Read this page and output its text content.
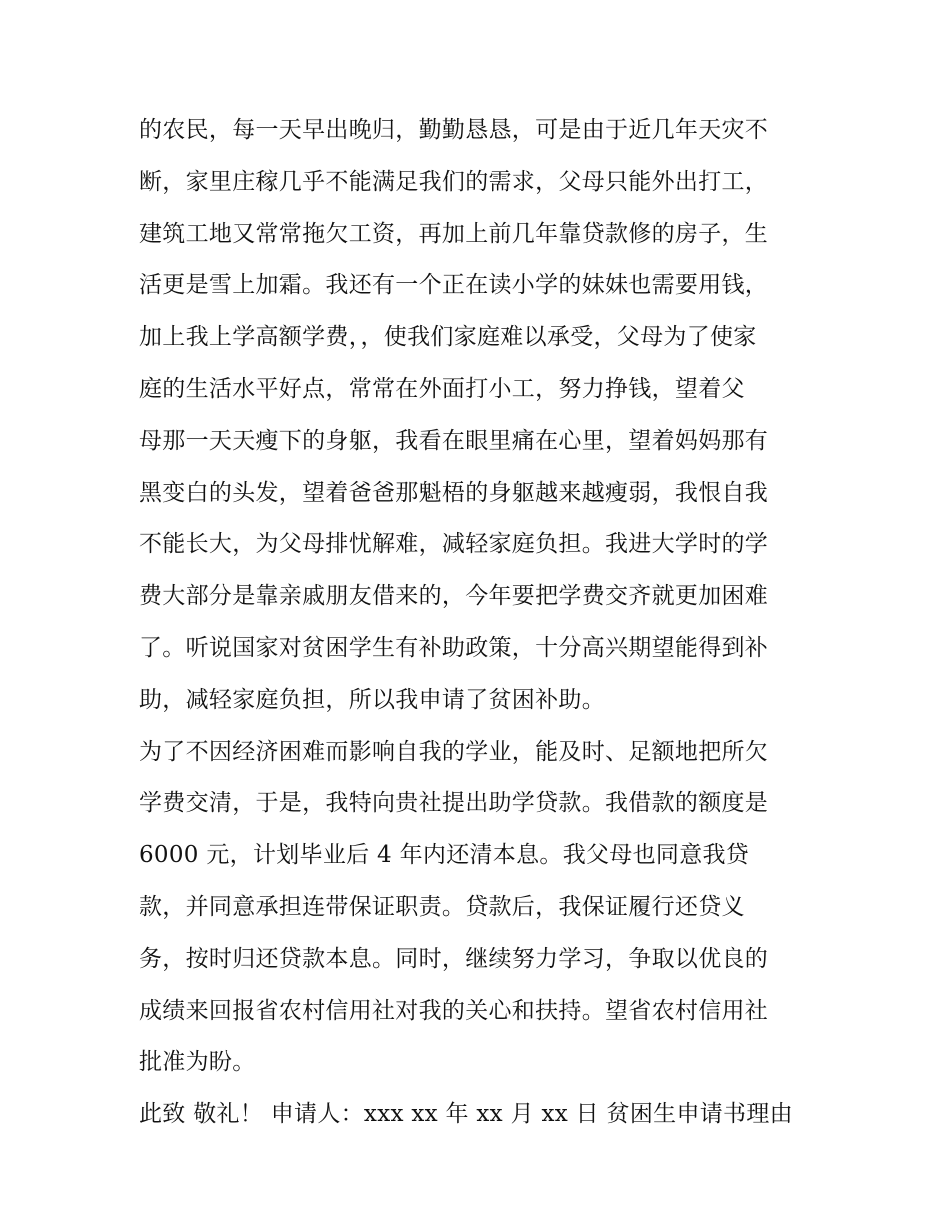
的农民，每一天早出晚归，勤勤恳恳，可是由于近几年天灾不
断，家里庄稼几乎不能满足我们的需求，父母只能外出打工，
建筑工地又常常拖欠工资，再加上前几年靠贷款修的房子，生
活更是雪上加霜。我还有一个正在读小学的妹妹也需要用钱，
加上我上学高额学费，，使我们家庭难以承受，父母为了使家
庭的生活水平好点，常常在外面打小工，努力挣钱，望着父
母那一天天瘦下的身躯，我看在眼里痛在心里，望着妈妈那有
黑变白的头发，望着爸爸那魁梧的身躯越来越瘦弱，我恨自我
不能长大，为父母排忧解难，减轻家庭负担。我进大学时的学
费大部分是靠亲戚朋友借来的，今年要把学费交齐就更加困难
了。听说国家对贫困学生有补助政策，十分高兴期望能得到补
助，减轻家庭负担，所以我申请了贫困补助。
为了不因经济困难而影响自我的学业，能及时、足额地把所欠
学费交清，于是，我特向贵社提出助学贷款。我借款的额度是
6000 元，计划毕业后 4 年内还清本息。我父母也同意我贷
款，并同意承担连带保证职责。贷款后，我保证履行还贷义
务，按时归还贷款本息。同时，继续努力学习，争取以优良的
成绩来回报省农村信用社对我的关心和扶持。望省农村信用社
批准为盼。
此致 敬礼！ 申请人：xxx xx 年 xx 月 xx 日 贫困生申请书理由
